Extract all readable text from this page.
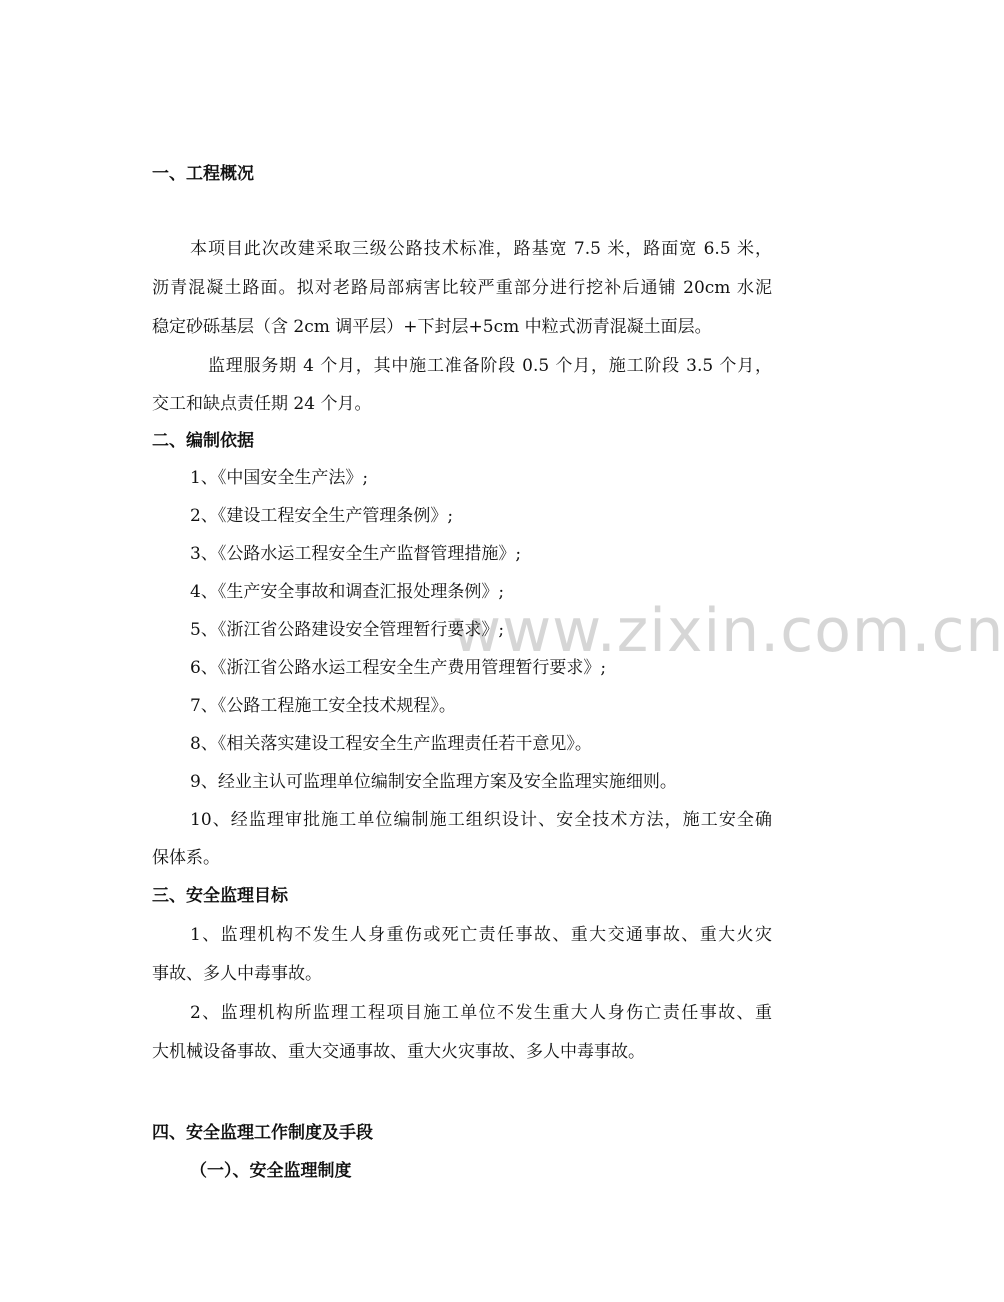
www.zixin.com.cn

一、工程概况

本项目此次改建采取三级公路技术标准，路基宽 7.5 米，路面宽 6.5 米，

沥青混凝土路面。拟对老路局部病害比较严重部分进行挖补后通铺 20cm 水泥

稳定砂砾基层（含 2cm 调平层）+下封层+5cm 中粒式沥青混凝土面层。

监理服务期 4 个月，其中施工准备阶段 0.5 个月，施工阶段 3.5 个月，

交工和缺点责任期 24 个月。

二、编制依据

1、《中国安全生产法》;

2、《建设工程安全生产管理条例》;

3、《公路水运工程安全生产监督管理措施》;

4、《生产安全事故和调查汇报处理条例》;

5、《浙江省公路建设安全管理暂行要求》;

6、《浙江省公路水运工程安全生产费用管理暂行要求》;

7、《公路工程施工安全技术规程》。

8、《相关落实建设工程安全生产监理责任若干意见》。

9、经业主认可监理单位编制安全监理方案及安全监理实施细则。

10、经监理审批施工单位编制施工组织设计、安全技术方法，施工安全确

保体系。

三、安全监理目标

1、监理机构不发生人身重伤或死亡责任事故、重大交通事故、重大火灾

事故、多人中毒事故。

2、监理机构所监理工程项目施工单位不发生重大人身伤亡责任事故、重

大机械设备事故、重大交通事故、重大火灾事故、多人中毒事故。

四、安全监理工作制度及手段

（一）、安全监理制度
